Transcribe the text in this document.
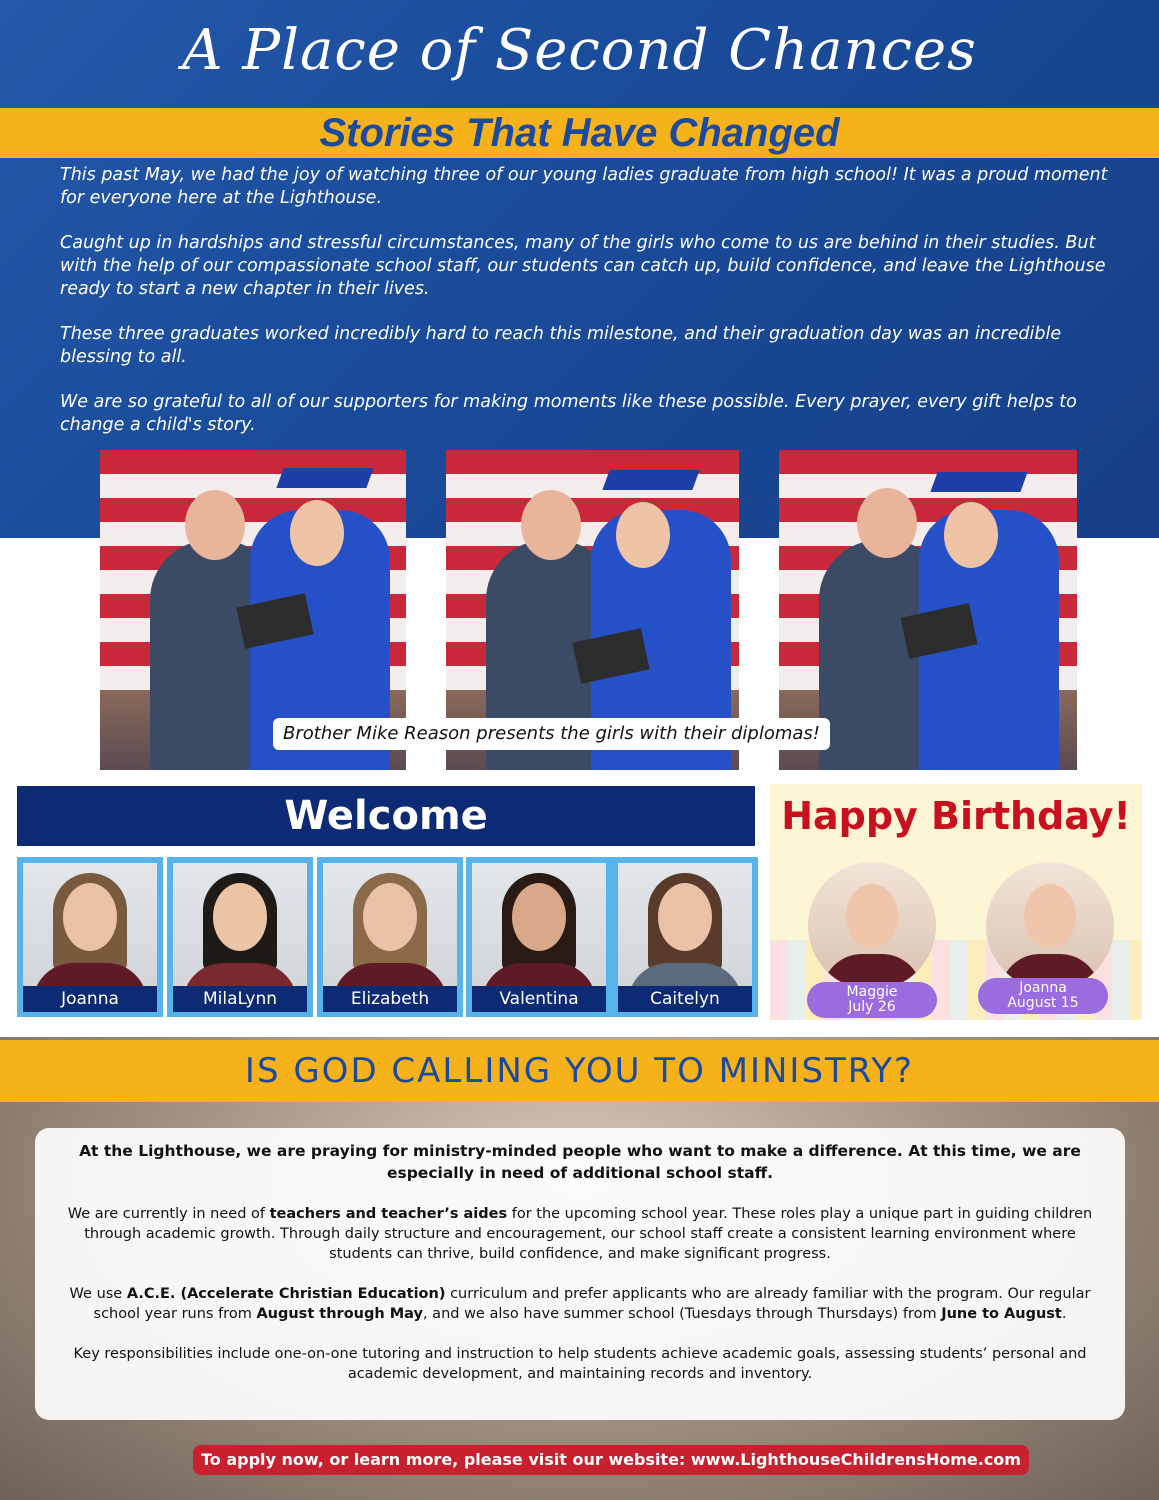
A Place of Second Chances
Stories That Have Changed

This past May, we had the joy of watching three of our young ladies graduate from high school! It was a proud moment for everyone here at the Lighthouse.

Caught up in hardships and stressful circumstances, many of the girls who come to us are behind in their studies. But with the help of our compassionate school staff, our students can catch up, build confidence, and leave the Lighthouse ready to start a new chapter in their lives.

These three graduates worked incredibly hard to reach this milestone, and their graduation day was an incredible blessing to all.

We are so grateful to all of our supporters for making moments like these possible. Every prayer, every gift helps to change a child's story.

Brother Mike Reason presents the girls with their diplomas!
Welcome
Joanna	MilaLynn	Elizabeth	Valentina	Caitelyn
Happy Birthday!
Maggie
July 26
Joanna
August 15
IS GOD CALLING YOU TO MINISTRY?

At the Lighthouse, we are praying for ministry-minded people who want to make a difference. At this time, we are especially in need of additional school staff.

We are currently in need of teachers and teacher’s aides for the upcoming school year. These roles play a unique part in guiding children through academic growth. Through daily structure and encouragement, our school staff create a consistent learning environment where students can thrive, build confidence, and make significant progress.

We use A.C.E. (Accelerate Christian Education) curriculum and prefer applicants who are already familiar with the program. Our regular school year runs from August through May, and we also have summer school (Tuesdays through Thursdays) from June to August.

Key responsibilities include one-on-one tutoring and instruction to help students achieve academic goals, assessing students’ personal and academic development, and maintaining records and inventory.

To apply now, or learn more, please visit our website: www.LighthouseChildrensHome.com
